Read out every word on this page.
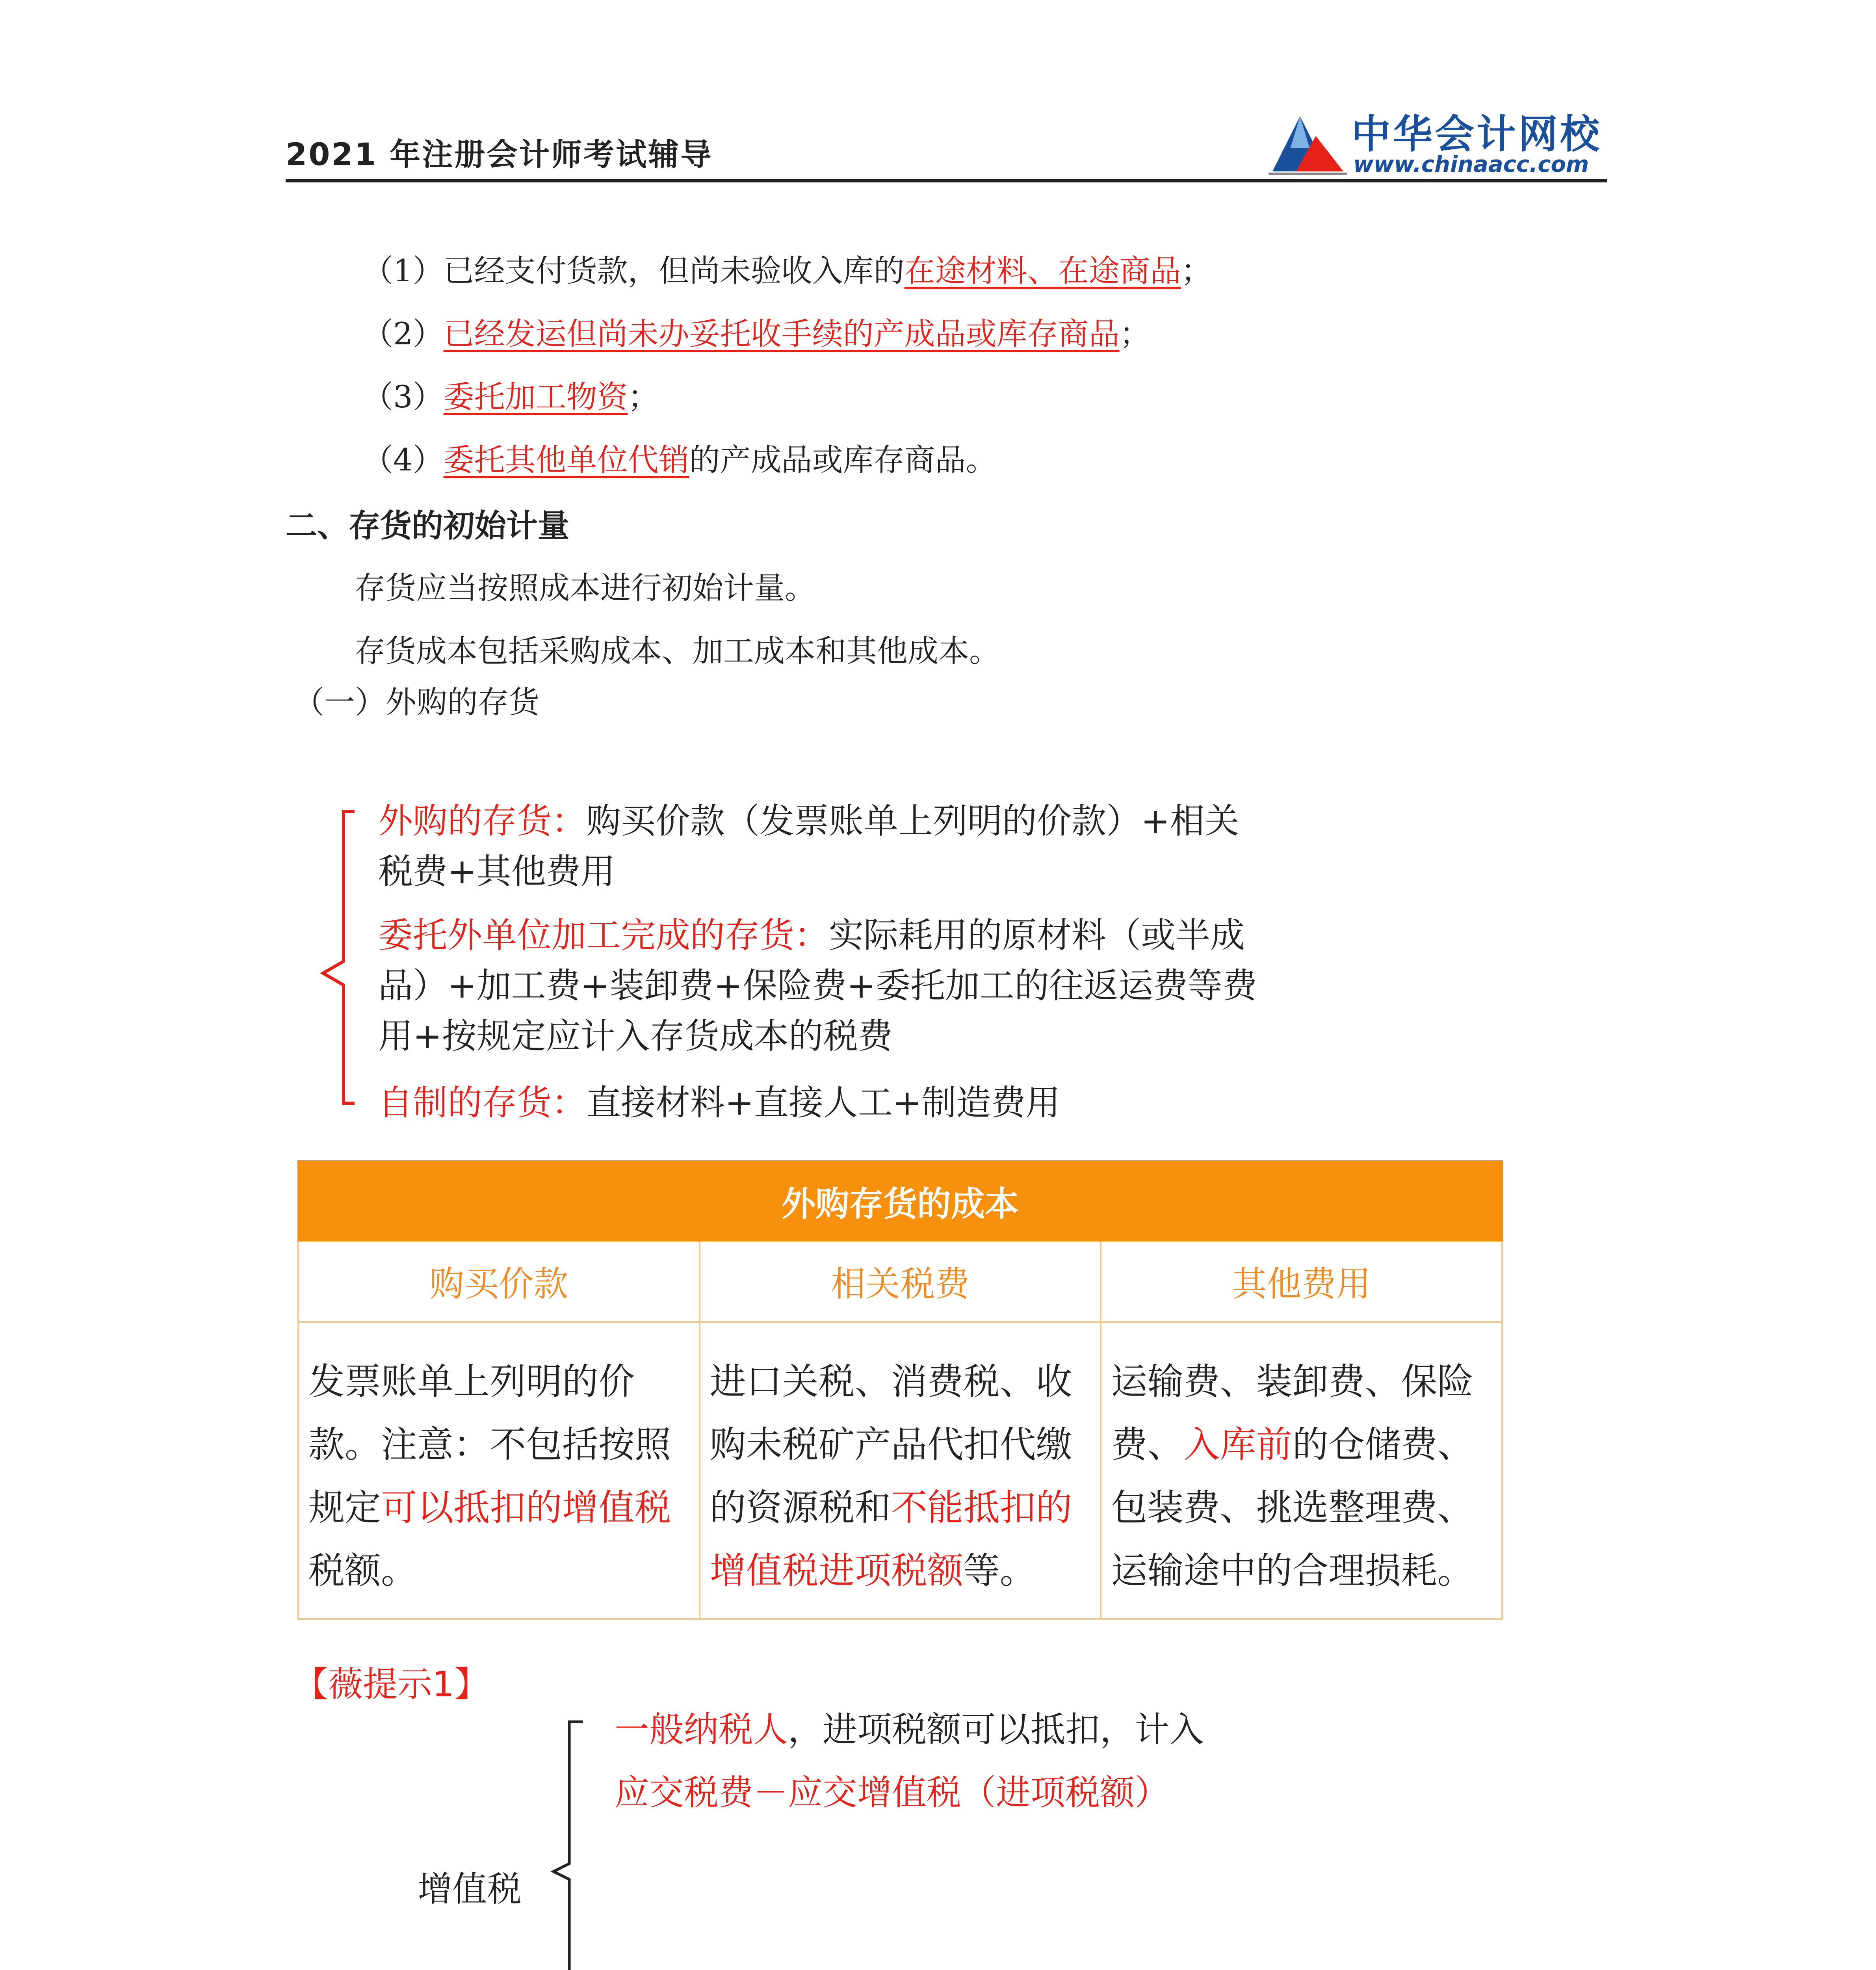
2021 年注册会计师考试辅导	中华会计网校
www.chinaacc.com
（1）已经支付货款，但尚未验收入库的在途材料、在途商品；
（2）已经发运但尚未办妥托收手续的产成品或库存商品；
（3）委托加工物资；
（4）委托其他单位代销的产成品或库存商品。
二、存货的初始计量
存货应当按照成本进行初始计量。
存货成本包括采购成本、加工成本和其他成本。
（一）外购的存货
外购的存货：购买价款（发票账单上列明的价款）+相关税费+其他费用
委托外单位加工完成的存货：实际耗用的原材料（或半成品）+加工费+装卸费+保险费+委托加工的往返运费等费用+按规定应计入存货成本的税费
自制的存货：直接材料+直接人工+制造费用
外购存货的成本		
购买价款	相关税费	其他费用
发票账单上列明的价款。注意：不包括按照规定可以抵扣的增值税税额。	进口关税、消费税、收购未税矿产品代扣代缴的资源税和不能抵扣的增值税进项税额等。	运输费、装卸费、保险费、入库前的仓储费、包装费、挑选整理费、运输途中的合理损耗。
【薇提示1】
增值税
一般纳税人，进项税额可以抵扣，计入
应交税费－应交增值税（进项税额）
